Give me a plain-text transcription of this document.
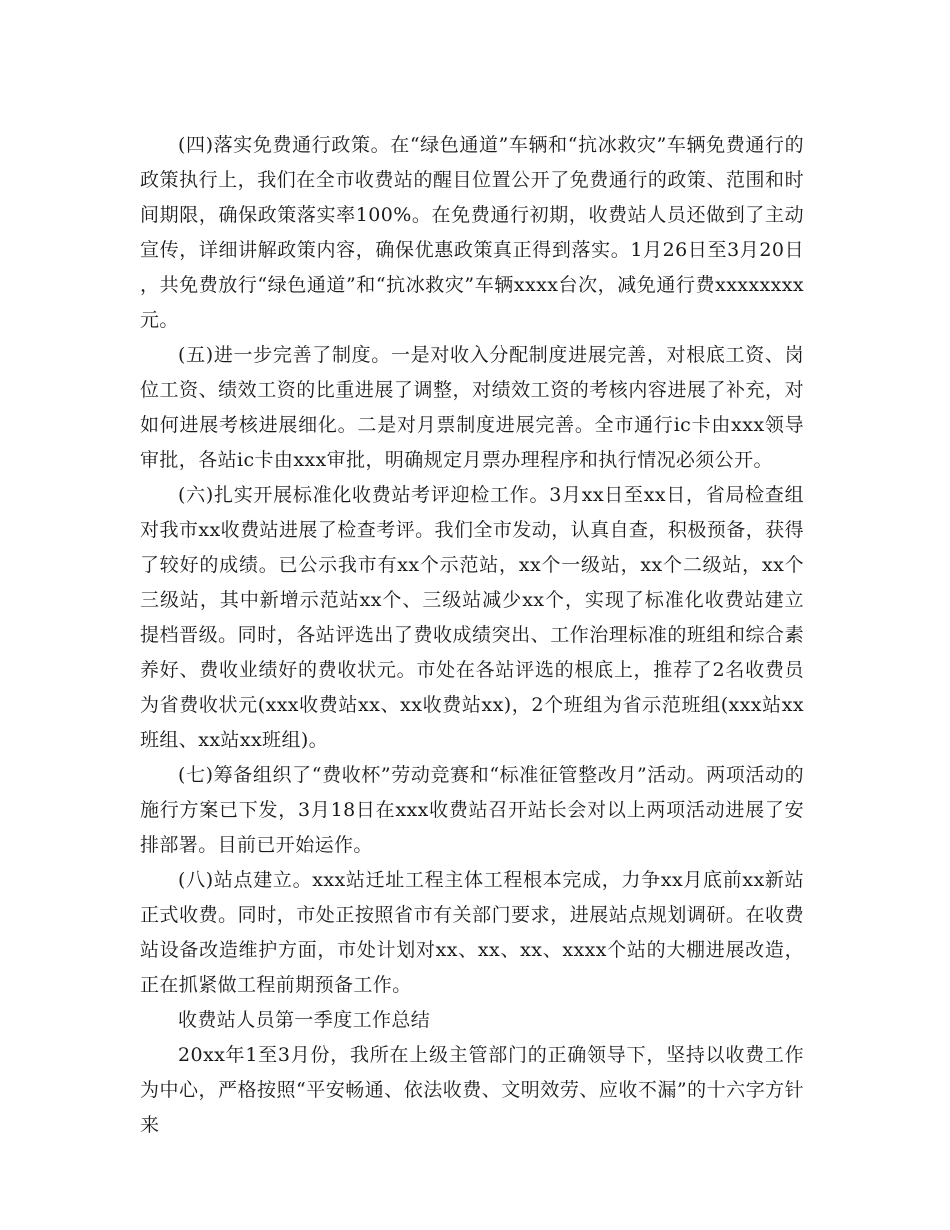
(四)落实免费通行政策。在“绿色通道”车辆和“抗冰救灾”车辆免费通行的政策执行上，我们在全市收费站的醒目位置公开了免费通行的政策、范围和时间期限，确保政策落实率100%。在免费通行初期，收费站人员还做到了主动宣传，详细讲解政策内容，确保优惠政策真正得到落实。1月26日至3月20日，共免费放行“绿色通道”和“抗冰救灾”车辆xxxx台次，减免通行费xxxxxxxx元。

(五)进一步完善了制度。一是对收入分配制度进展完善，对根底工资、岗位工资、绩效工资的比重进展了调整，对绩效工资的考核内容进展了补充，对如何进展考核进展细化。二是对月票制度进展完善。全市通行ic卡由xxx领导审批，各站ic卡由xxx审批，明确规定月票办理程序和执行情况必须公开。

(六)扎实开展标准化收费站考评迎检工作。3月xx日至xx日，省局检查组对我市xx收费站进展了检查考评。我们全市发动，认真自查，积极预备，获得了较好的成绩。已公示我市有xx个示范站，xx个一级站，xx个二级站，xx个三级站，其中新增示范站xx个、三级站减少xx个，实现了标准化收费站建立提档晋级。同时，各站评选出了费收成绩突出、工作治理标准的班组和综合素养好、费收业绩好的费收状元。市处在各站评选的根底上，推荐了2名收费员为省费收状元(xxx收费站xx、xx收费站xx)，2个班组为省示范班组(xxx站xx班组、xx站xx班组)。

(七)筹备组织了“费收杯”劳动竞赛和“标准征管整改月”活动。两项活动的施行方案已下发，3月18日在xxx收费站召开站长会对以上两项活动进展了安排部署。目前已开始运作。

(八)站点建立。xxx站迁址工程主体工程根本完成，力争xx月底前xx新站正式收费。同时，市处正按照省市有关部门要求，进展站点规划调研。在收费站设备改造维护方面，市处计划对xx、xx、xx、xxxx个站的大棚进展改造，正在抓紧做工程前期预备工作。

收费站人员第一季度工作总结

20xx年1至3月份，我所在上级主管部门的正确领导下，坚持以收费工作为中心，严格按照“平安畅通、依法收费、文明效劳、应收不漏”的十六字方针来
